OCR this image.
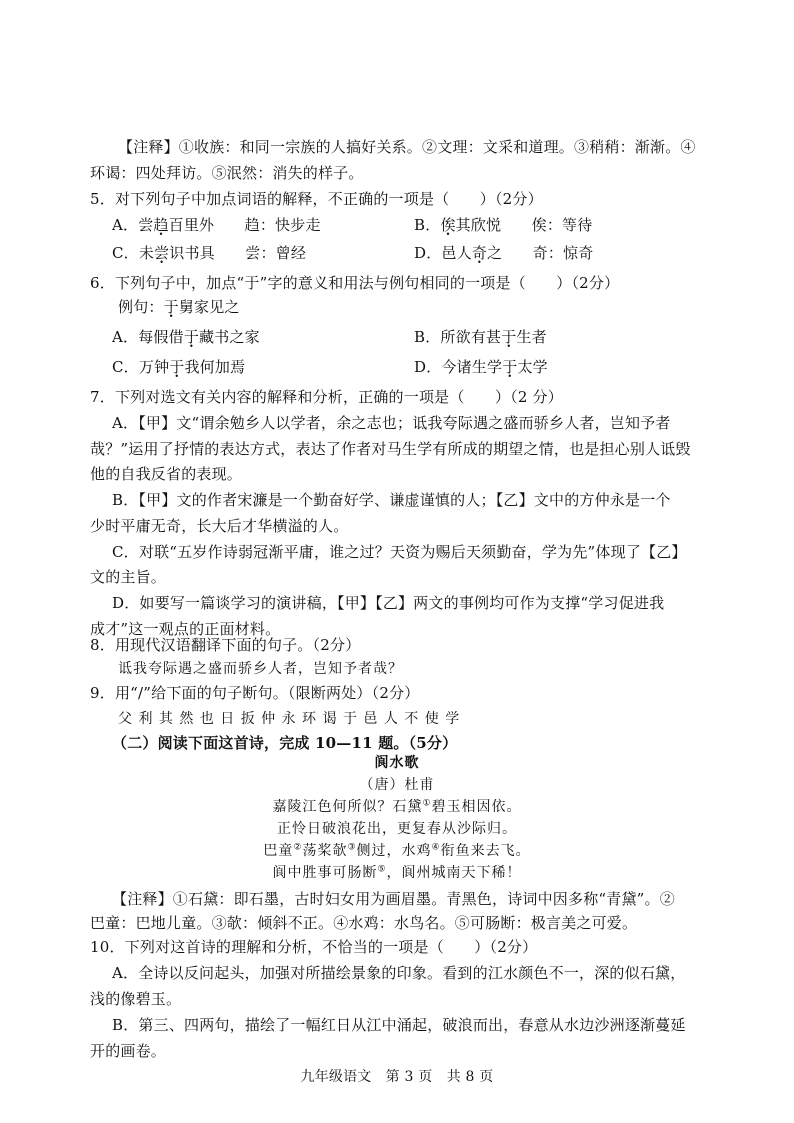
【注释】①收族：和同一宗族的人搞好关系。②文理：文采和道理。③稍稍：渐渐。④
环谒：四处拜访。⑤泯然：消失的样子。
5．对下列句子中加点词语的解释，不正确的一项是（　　）（2分）
A．尝趋百里外　　趋：快步走	B．俟其欣悦　　俟：等待
C．未尝识书具　　尝：曾经	D．邑人奇之　　奇：惊奇
6．下列句子中，加点“于”字的意义和用法与例句相同的一项是（　　）（2分）
例句：于舅家见之
A．每假借于藏书之家	B．所欲有甚于生者
C．万钟于我何加焉	D．今诸生学于太学
7．下列对选文有关内容的解释和分析，正确的一项是（　　）（2 分）
A．【甲】文“谓余勉乡人以学者，余之志也；诋我夸际遇之盛而骄乡人者，岂知予者
哉？”运用了抒情的表达方式，表达了作者对马生学有所成的期望之情，也是担心别人诋毁
他的自我反省的表现。
B．【甲】文的作者宋濂是一个勤奋好学、谦虚谨慎的人；【乙】文中的方仲永是一个
少时平庸无奇，长大后才华横溢的人。
C．对联“五岁作诗弱冠渐平庸，谁之过？天资为赐后天须勤奋，学为先”体现了【乙】
文的主旨。
D．如要写一篇谈学习的演讲稿，【甲】【乙】两文的事例均可作为支撑“学习促进我
成才”这一观点的正面材料。
8．用现代汉语翻译下面的句子。（2分）
诋我夸际遇之盛而骄乡人者，岂知予者哉？
9．用“/”给下面的句子断句。（限断两处）（2分）
父 利 其 然 也 日 扳 仲 永 环 谒 于 邑 人 不 使 学
（二）阅读下面这首诗，完成 10—11 题。（5分）
阆水歌
（唐）杜甫
嘉陵江色何所似？石黛①碧玉相因依。
正怜日破浪花出，更复春从沙际归。
巴童②荡桨欹③侧过，水鸡④衔鱼来去飞。
阆中胜事可肠断⑤，阆州城南天下稀！
【注释】①石黛：即石墨，古时妇女用为画眉墨。青黑色，诗词中因多称“青黛”。②
巴童：巴地儿童。③欹：倾斜不正。④水鸡：水鸟名。⑤可肠断：极言美之可爱。
10．下列对这首诗的理解和分析，不恰当的一项是（　　）（2分）
A．全诗以反问起头，加强对所描绘景象的印象。看到的江水颜色不一，深的似石黛，
浅的像碧玉。
B．第三、四两句，描绘了一幅红日从江中涌起，破浪而出，春意从水边沙洲逐渐蔓延
开的画卷。
九年级语文　第 3 页　共 8 页
